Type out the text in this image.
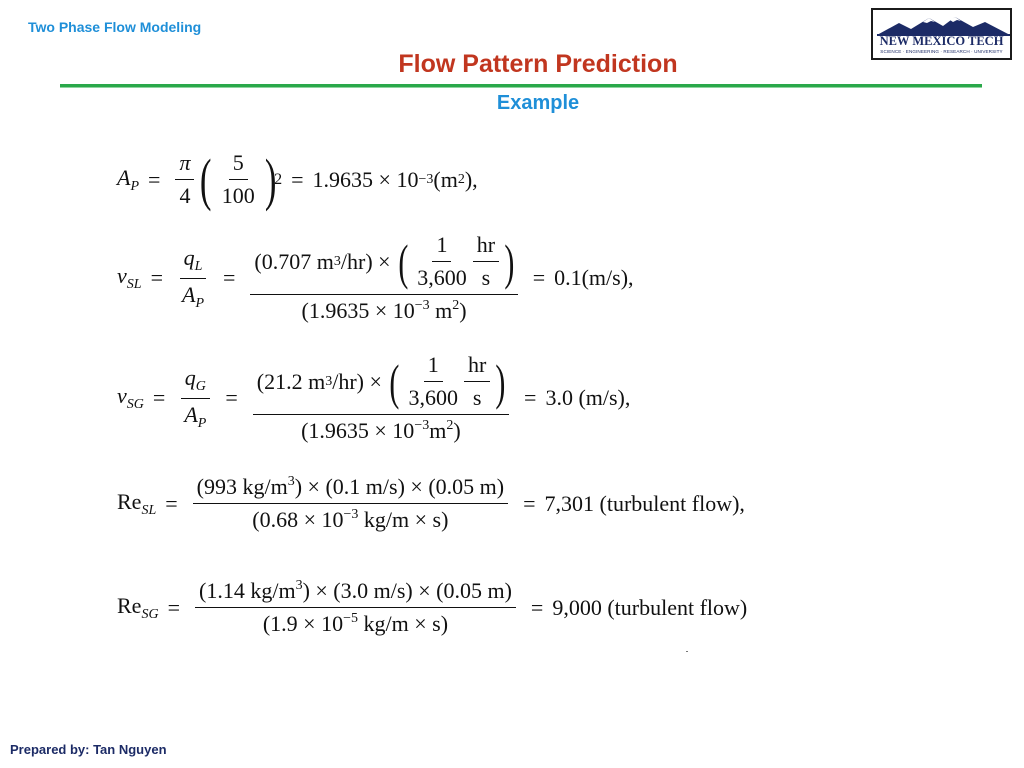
Two Phase Flow Modeling
Flow Pattern Prediction
Example
NEW MEXICO TECH
SCIENCE · ENGINEERING · RESEARCH · UNIVERSITY
$A_P = \frac{\pi}{4}$ ( $\frac{5}{100}$ )
2 = 1.9635 × 10 −3 (m 2 ),
$v_{SL} = \frac{q_L}{A_P}$ =
(0.707 m 3 /hr) × ( $\frac{1}{3,600} \frac{hr}{s}$ )
($1.9635 \times 10^{-3}$ $m^2$)
= 0.1(m/s),
$v_{SG} = \frac{q_G}{A_P}$ =
(21.2 m 3 /hr) × ( $\frac{1}{3,600} \frac{hr}{s}$ )
$(1.9635 \times 10^{-3}m^2)$
= 3.0 (m/s),
$Re_{SL} = \frac{(993 kg/m^3) \times (0.1 m/s) \times (0.05 m)}{(0.68 \times 10^{-3} kg/m \times s)} = 7,301$ (turbulent flow),
$Re_{SG} = \frac{(1.14 kg/m^3) \times (3.0 m/s) \times (0.05 m)}{(1.9 \times 10^{-5} kg/m \times s)} = 9,000$ (turbulent flow)
Prepared by: Tan Nguyen
